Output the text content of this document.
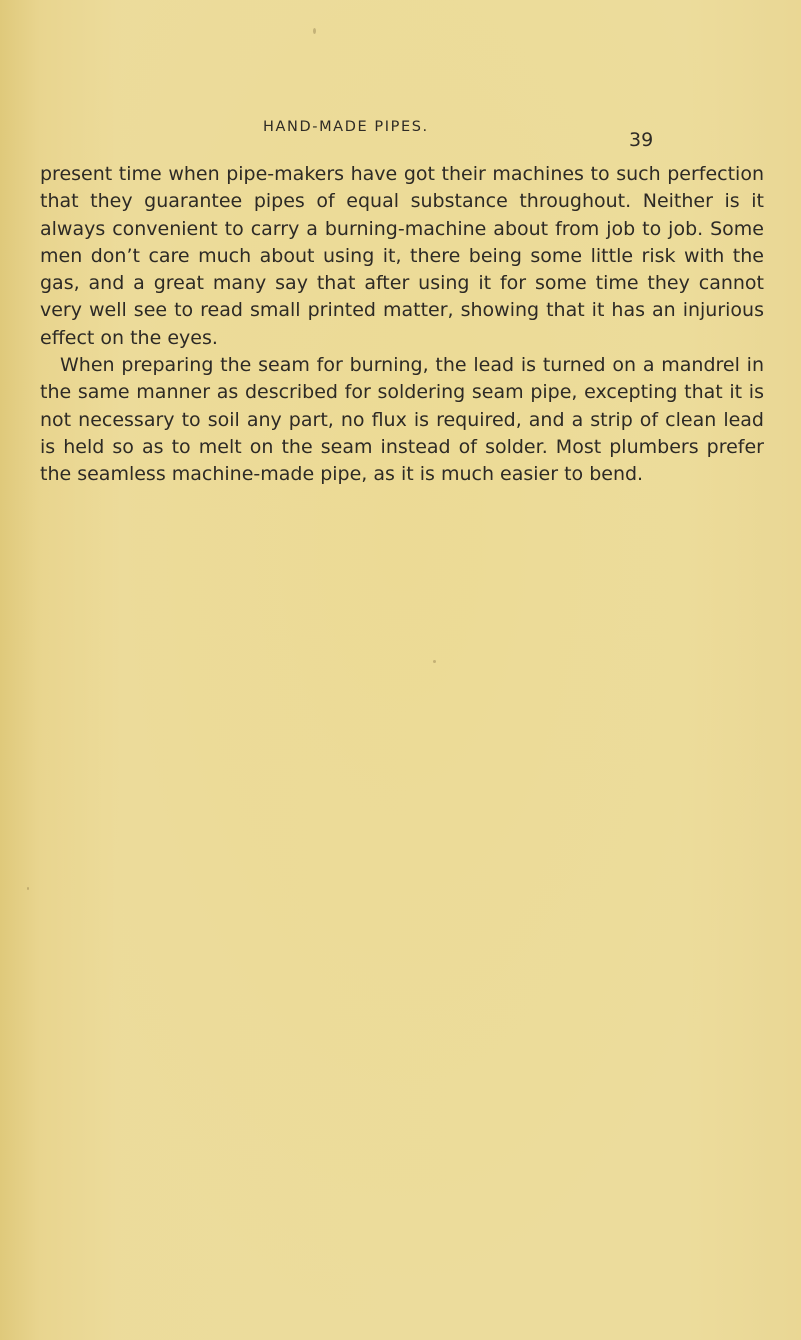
HAND-MADE PIPES.
39

present time when pipe-makers have got their machines to such perfection that they guarantee pipes of equal substance throughout. Neither is it always convenient to carry a burning-machine about from job to job. Some men don’t care much about using it, there being some little risk with the gas, and a great many say that after using it for some time they cannot very well see to read small printed matter, showing that it has an injurious effect on the eyes.

When preparing the seam for burning, the lead is turned on a mandrel in the same manner as described for soldering seam pipe, excepting that it is not necessary to soil any part, no flux is required, and a strip of clean lead is held so as to melt on the seam instead of solder. Most plumbers prefer the seamless machine-made pipe, as it is much easier to bend.
